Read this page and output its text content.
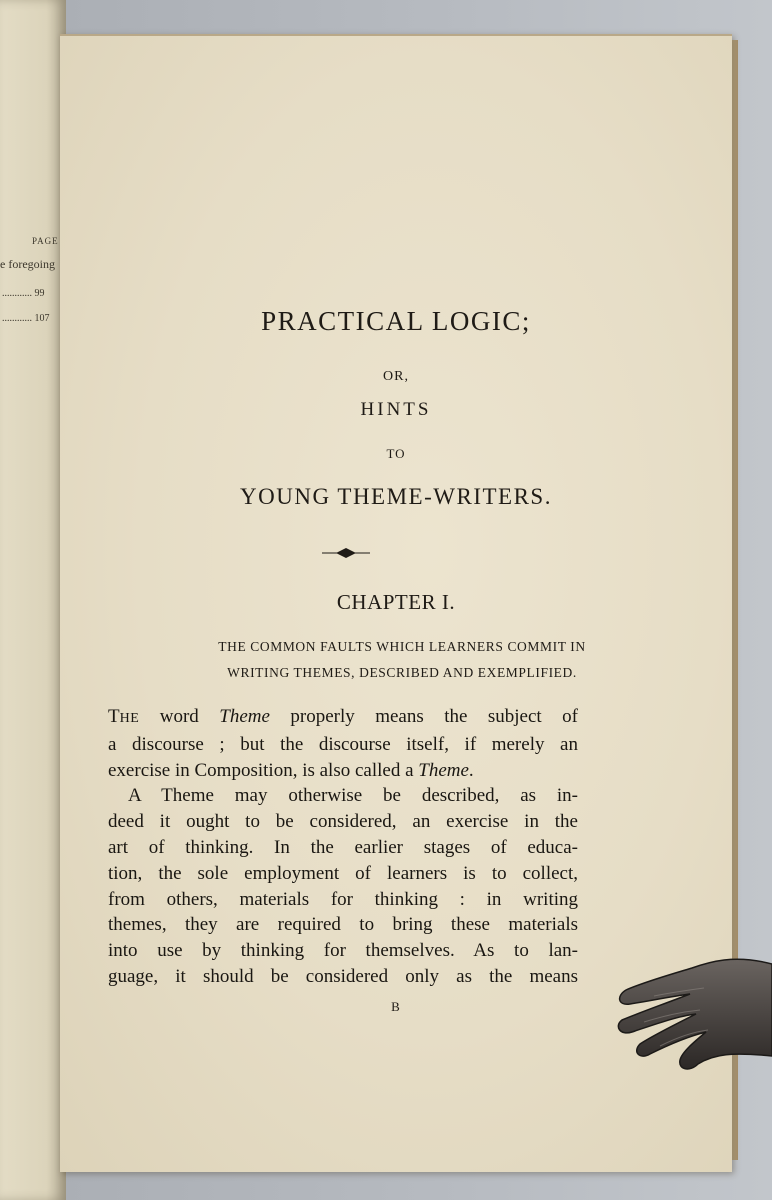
PAGE
e foregoing
............ 99
............ 107	PRACTICAL LOGIC;
OR,
HINTS
TO
YOUNG THEME-WRITERS.
CHAPTER I.
THE COMMON FAULTS WHICH LEARNERS COMMIT IN
WRITING THEMES, DESCRIBED AND EXEMPLIFIED.
THE word Theme properly means the subject of
a discourse ; but the discourse itself, if merely an
exercise in Composition, is also called a Theme.
A Theme may otherwise be described, as in-
deed it ought to be considered, an exercise in the
art of thinking. In the earlier stages of educa-
tion, the sole employment of learners is to collect,
from others, materials for thinking : in writing
themes, they are required to bring these materials
into use by thinking for themselves. As to lan-
guage, it should be considered only as the means
B
